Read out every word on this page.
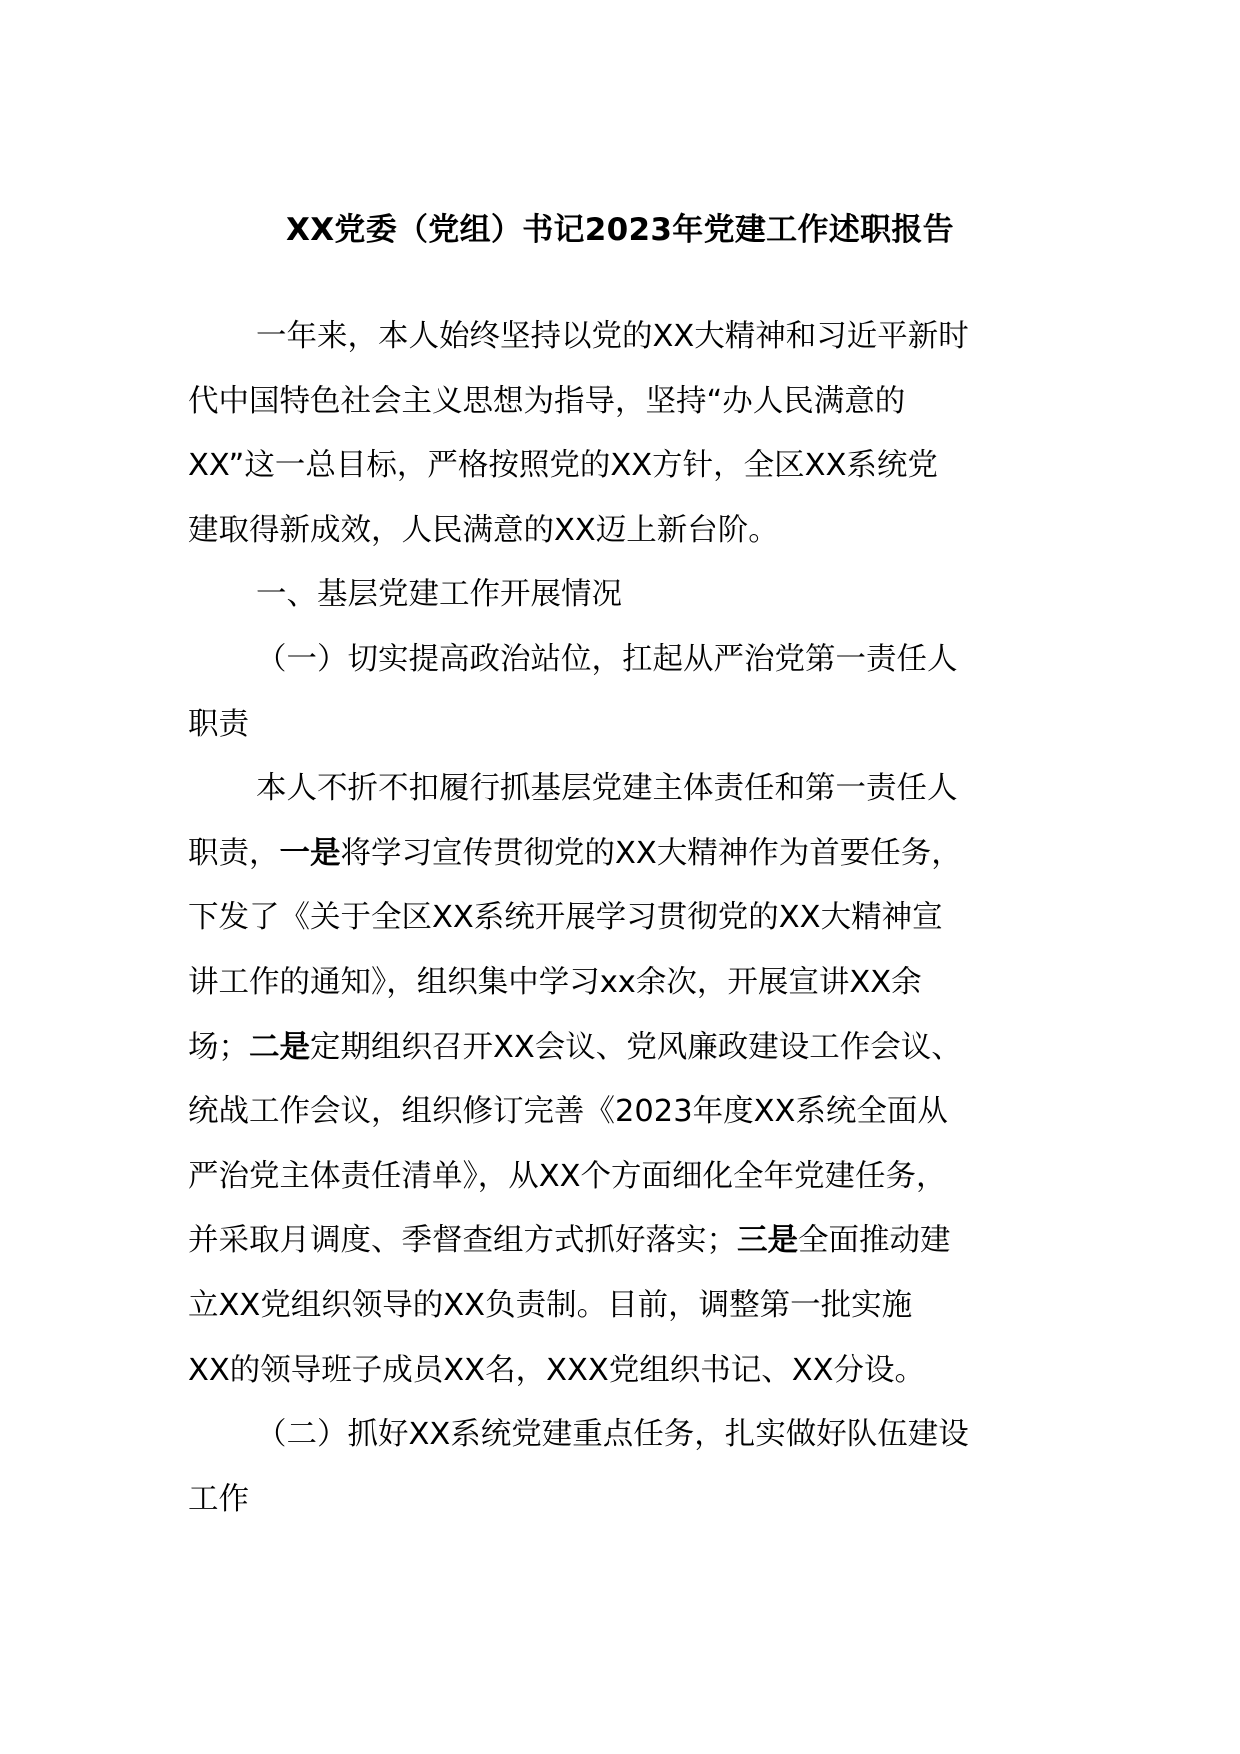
XX党委（党组）书记2023年党建工作述职报告
一年来，本人始终坚持以党的XX大精神和习近平新时
代中国特色社会主义思想为指导，坚持“办人民满意的
XX”这一总目标，严格按照党的XX方针，全区XX系统党
建取得新成效，人民满意的XX迈上新台阶。
一、基层党建工作开展情况
（一）切实提高政治站位，扛起从严治党第一责任人
职责
本人不折不扣履行抓基层党建主体责任和第一责任人
职责，一是将学习宣传贯彻党的XX大精神作为首要任务，
下发了《关于全区XX系统开展学习贯彻党的XX大精神宣
讲工作的通知》，组织集中学习xx余次，开展宣讲XX余
场；二是定期组织召开XX会议、党风廉政建设工作会议、
统战工作会议，组织修订完善《2023年度XX系统全面从
严治党主体责任清单》，从XX个方面细化全年党建任务，
并采取月调度、季督查组方式抓好落实；三是全面推动建
立XX党组织领导的XX负责制。目前，调整第一批实施
XX的领导班子成员XX名，XXX党组织书记、XX分设。
（二）抓好XX系统党建重点任务，扎实做好队伍建设
工作
